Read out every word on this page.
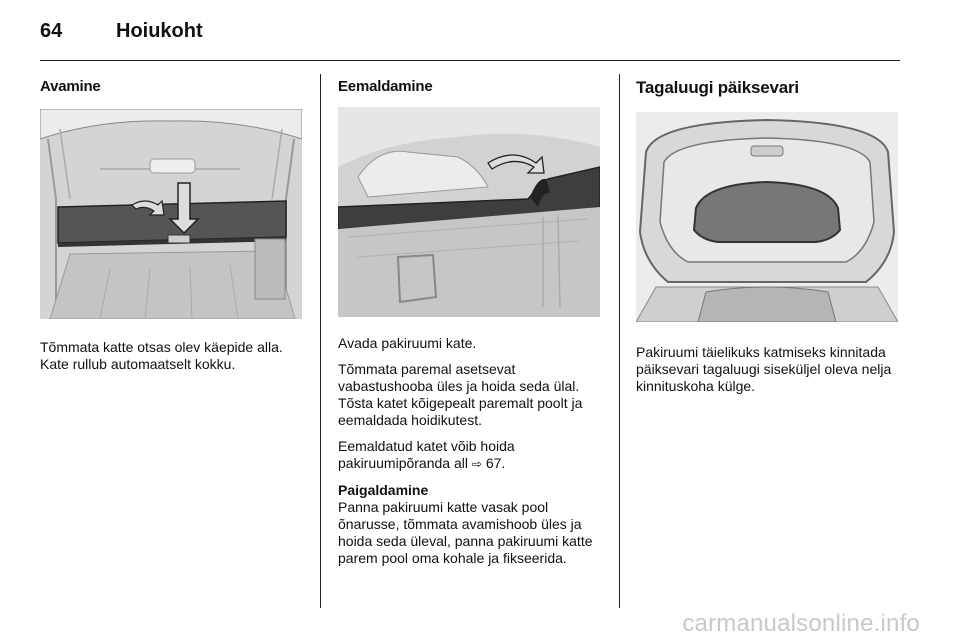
64	Hoiukoht
Avamine

Tõmmata katte otsas olev käepide alla. Kate rullub automaatselt kokku.

Eemaldamine

Avada pakiruumi kate.

Tõmmata paremal asetsevat vabastushooba üles ja hoida seda ülal. Tõsta katet kõigepealt paremalt poolt ja eemaldada hoidikutest.

Eemaldatud katet võib hoida pakiruumipõranda all ⇨ 67.

Paigaldamine

Panna pakiruumi katte vasak pool õnarusse, tõmmata avamishoob üles ja hoida seda üleval, panna pakiruumi katte parem pool oma kohale ja fikseerida.

Tagaluugi päiksevari

Pakiruumi täielikuks katmiseks kinnitada päiksevari tagaluugi siseküljel oleva nelja kinnituskoha külge.

carmanualsonline.info
